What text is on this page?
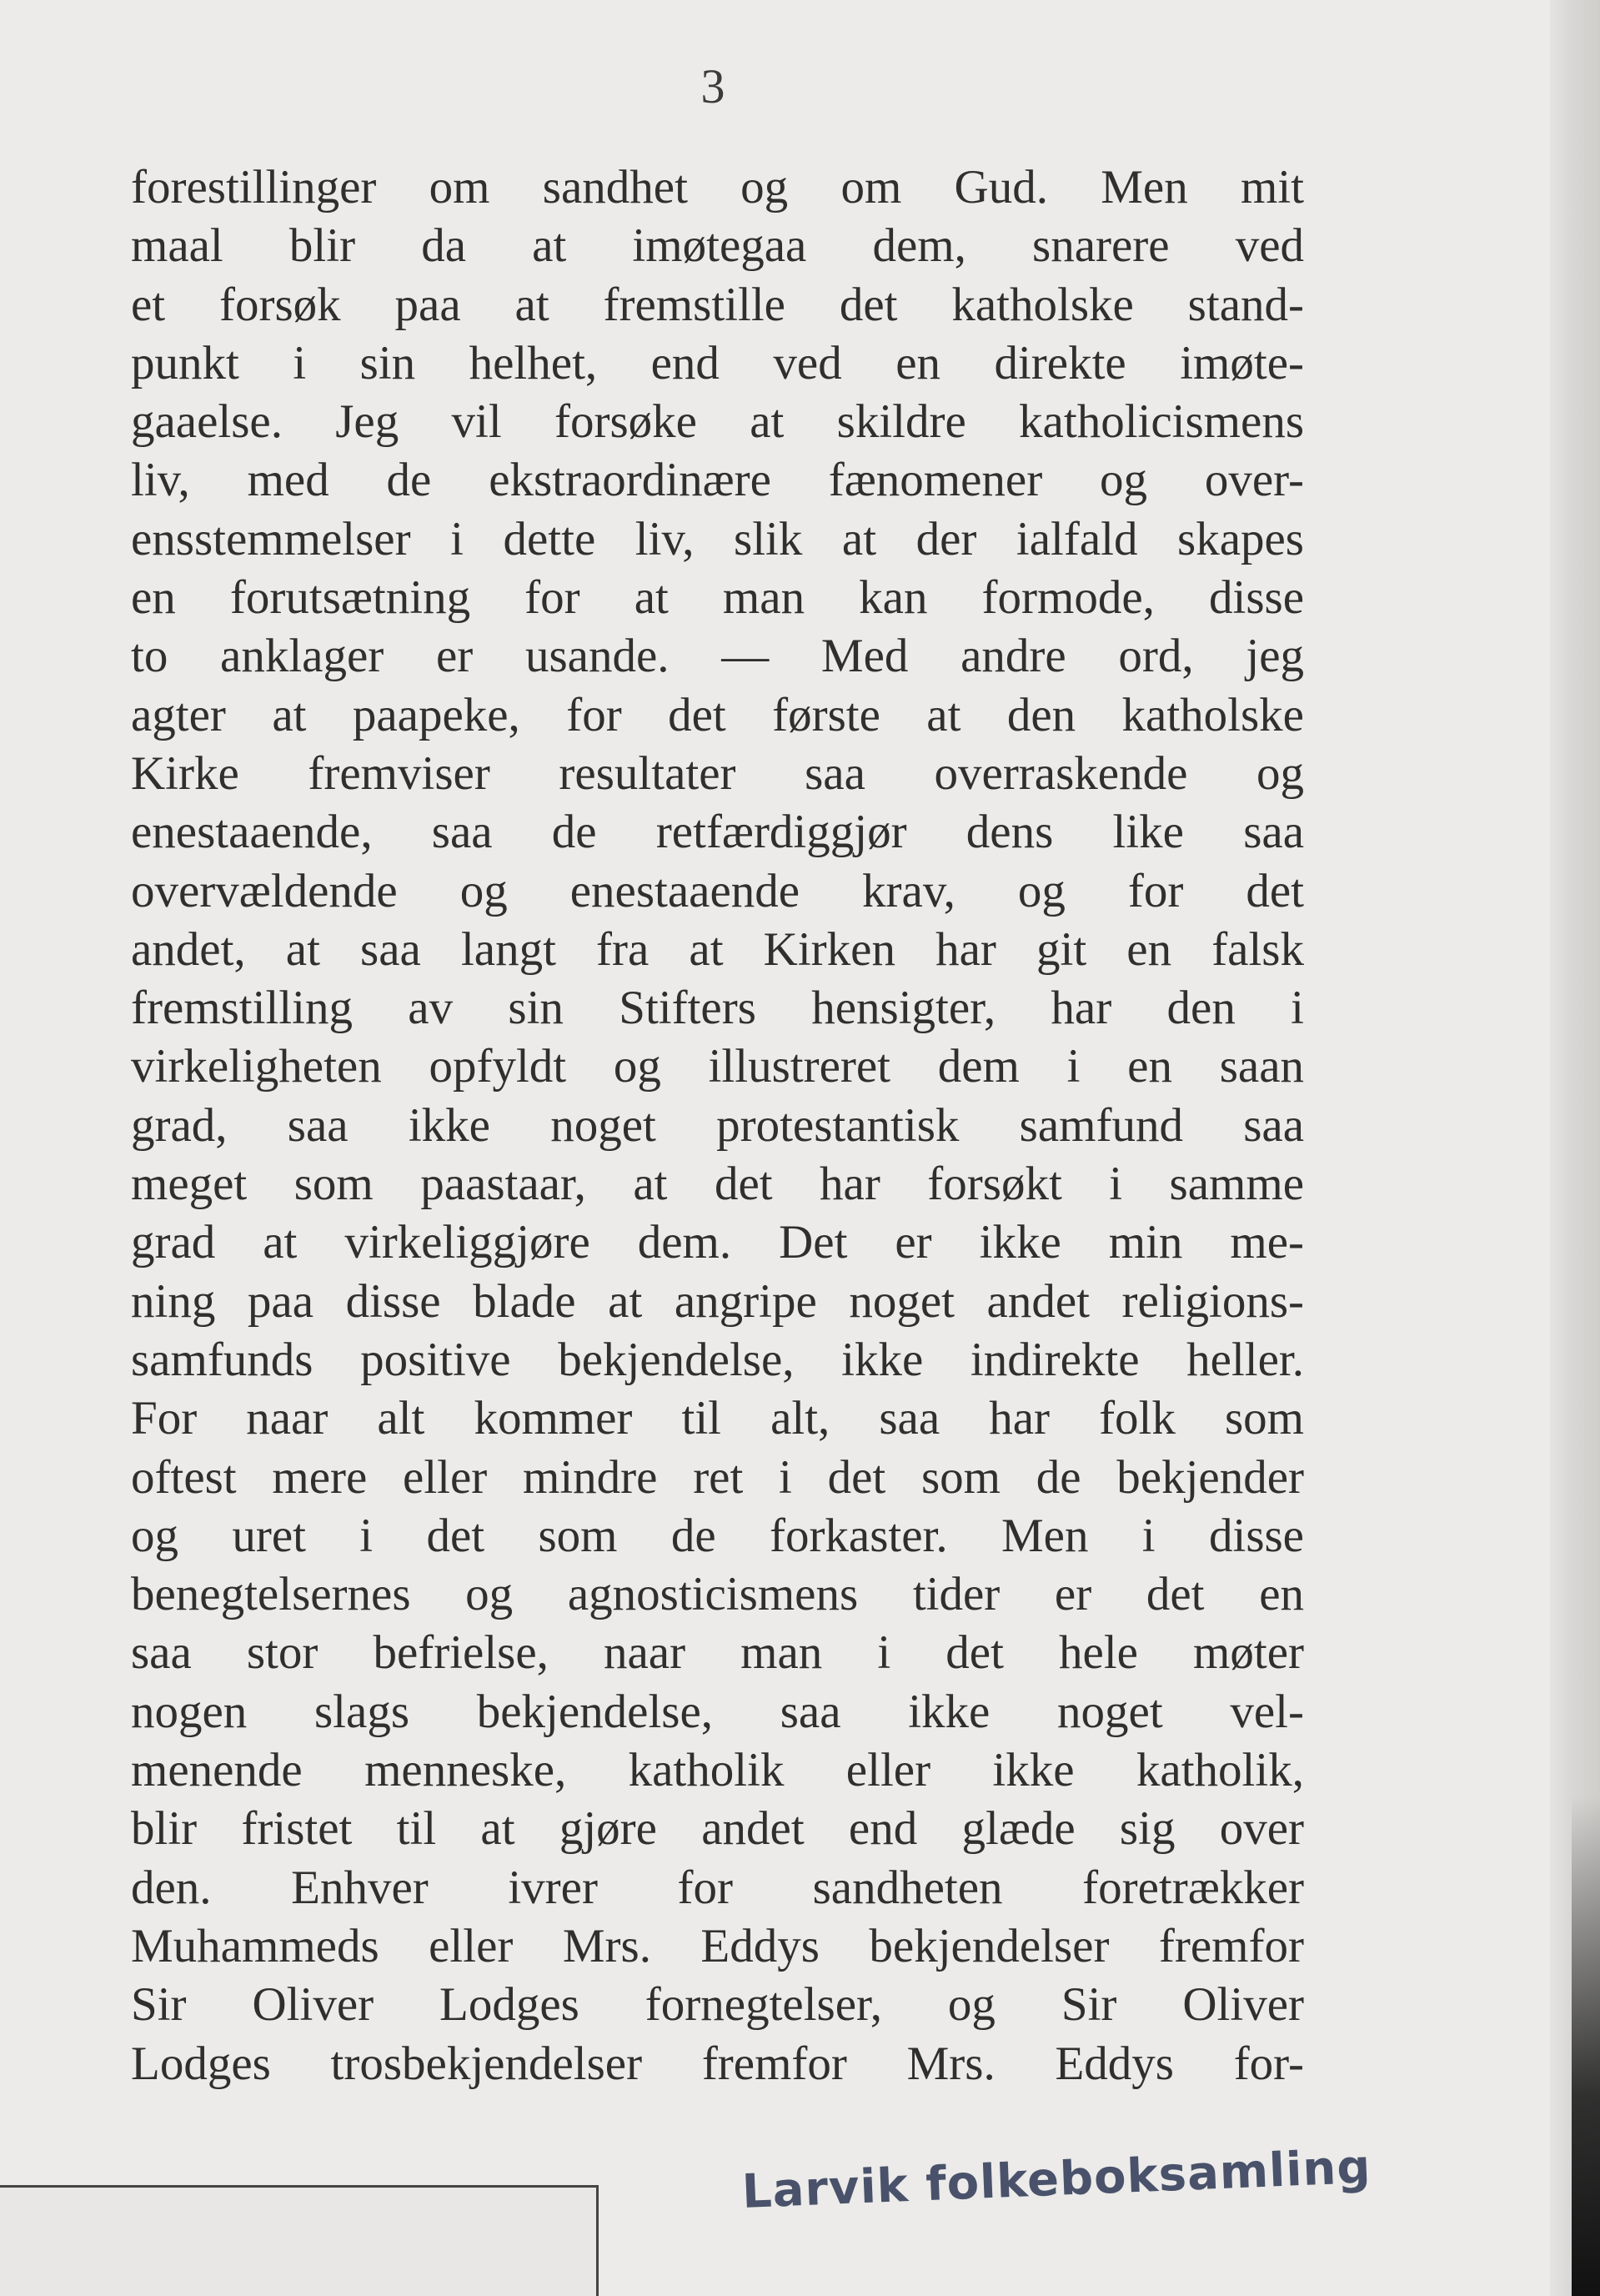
3
forestillinger om sandhet og om Gud. Men mit
maal blir da at imøtegaa dem, snarere ved
et forsøk paa at fremstille det katholske stand-
punkt i sin helhet, end ved en direkte imøte-
gaaelse. Jeg vil forsøke at skildre katholicismens
liv, med de ekstraordinære fænomener og over-
ensstemmelser i dette liv, slik at der ialfald skapes
en forutsætning for at man kan formode, disse
to anklager er usande. — Med andre ord, jeg
agter at paapeke, for det første at den katholske
Kirke fremviser resultater saa overraskende og
enestaaende, saa de retfærdiggjør dens like saa
overvældende og enestaaende krav, og for det
andet, at saa langt fra at Kirken har git en falsk
fremstilling av sin Stifters hensigter, har den i
virkeligheten opfyldt og illustreret dem i en saan
grad, saa ikke noget protestantisk samfund saa
meget som paastaar, at det har forsøkt i samme
grad at virkeliggjøre dem. Det er ikke min me-
ning paa disse blade at angripe noget andet religions-
samfunds positive bekjendelse, ikke indirekte heller.
For naar alt kommer til alt, saa har folk som
oftest mere eller mindre ret i det som de bekjender
og uret i det som de forkaster. Men i disse
benegtelsernes og agnosticismens tider er det en
saa stor befrielse, naar man i det hele møter
nogen slags bekjendelse, saa ikke noget vel-
menende menneske, katholik eller ikke katholik,
blir fristet til at gjøre andet end glæde sig over
den. Enhver ivrer for sandheten foretrækker
Muhammeds eller Mrs. Eddys bekjendelser fremfor
Sir Oliver Lodges fornegtelser, og Sir Oliver
Lodges trosbekjendelser fremfor Mrs. Eddys for-
Larvik folkeboksamling
